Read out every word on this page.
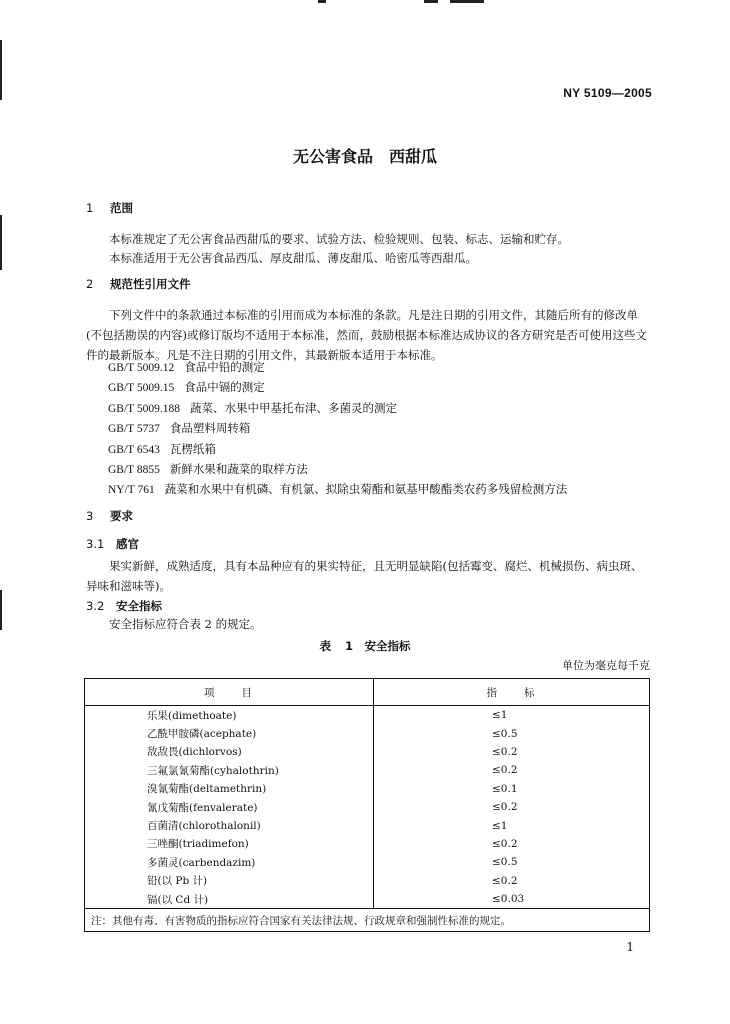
NY 5109—2005
无公害食品　西甜瓜
1 范围
本标准规定了无公害食品西甜瓜的要求、试验方法、检验规则、包装、标志、运输和贮存。
本标准适用于无公害食品西瓜、厚皮甜瓜、薄皮甜瓜、哈密瓜等西甜瓜。
2 规范性引用文件
下列文件中的条款通过本标准的引用而成为本标准的条款。凡是注日期的引用文件，其随后所有的修改单(不包括勘误的内容)或修订版均不适用于本标准，然而，鼓励根据本标准达成协议的各方研究是否可使用这些文件的最新版本。凡是不注日期的引用文件，其最新版本适用于本标准。
GB/T 5009.12 食品中铅的测定
GB/T 5009.15 食品中镉的测定
GB/T 5009.188 蔬菜、水果中甲基托布津、多菌灵的测定
GB/T 5737 食品塑料周转箱
GB/T 6543 瓦楞纸箱
GB/T 8855 新鲜水果和蔬菜的取样方法
NY/T 761 蔬菜和水果中有机磷、有机氯、拟除虫菊酯和氨基甲酸酯类农药多残留检测方法
3 要求
3.1 感官
果实新鲜，成熟适度，具有本品种应有的果实特征，且无明显缺陷(包括霉变、腐烂、机械损伤、病虫斑、异味和滋味等)。
3.2 安全指标
安全指标应符合表 2 的规定。
表 1　安全指标
单位为毫克每千克
项　　目	指　　标
乐果(dimethoate)	≤1
乙酰甲胺磷(acephate)	≤0.5
敌敌畏(dichlorvos)	≤0.2
三氟氯氰菊酯(cyhalothrin)	≤0.2
溴氰菊酯(deltamethrin)	≤0.1
氰戊菊酯(fenvalerate)	≤0.2
百菌清(chlorothalonil)	≤1
三唑酮(triadimefon)	≤0.2
多菌灵(carbendazim)	≤0.5
铅(以 Pb 计)	≤0.2
镉(以 Cd 计)	≤0.03
注：其他有毒、有害物质的指标应符合国家有关法律法规、行政规章和强制性标准的规定。	
1
